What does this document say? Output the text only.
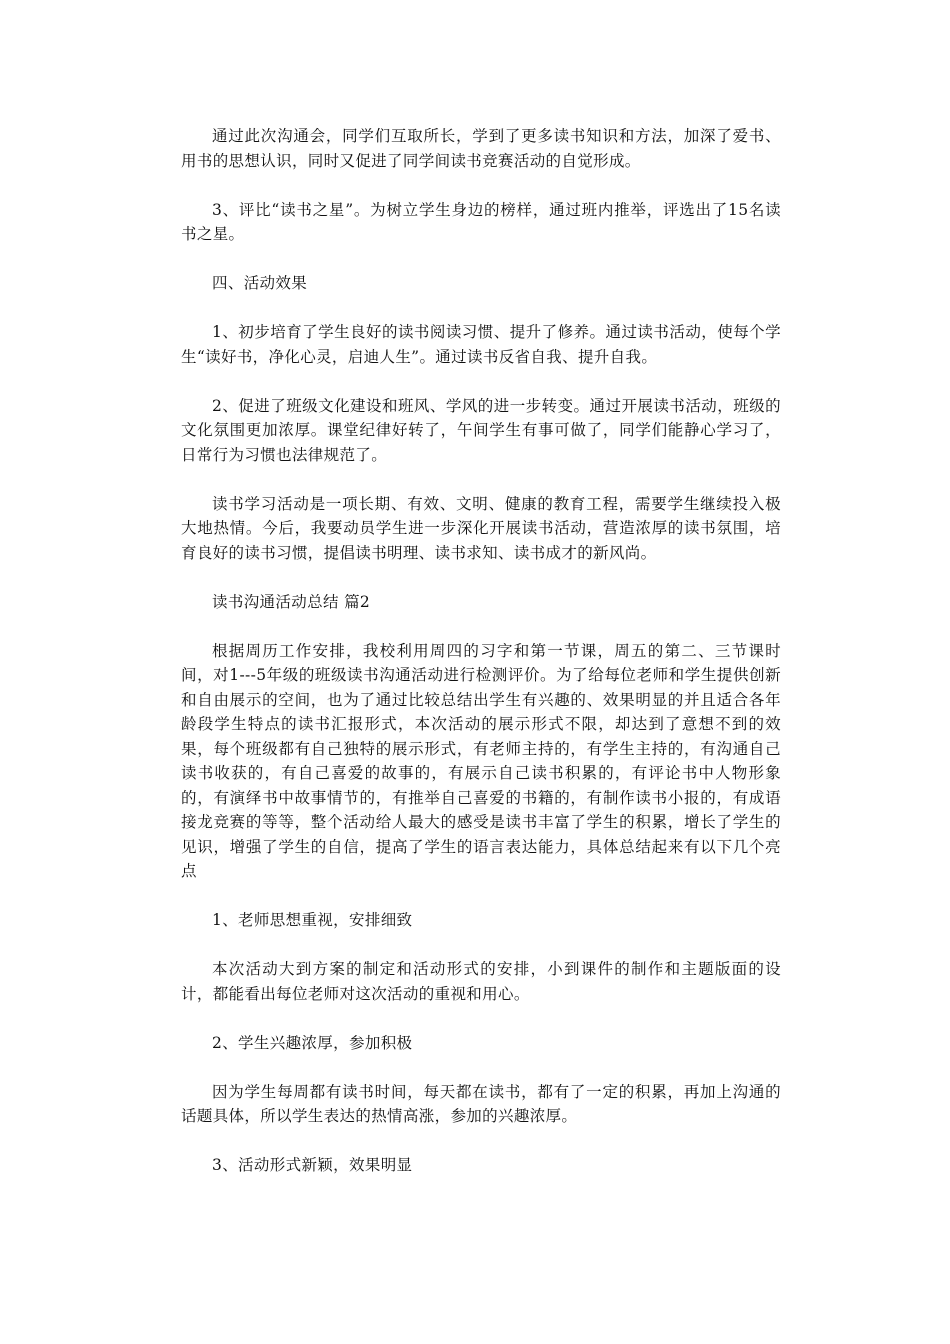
通过此次沟通会，同学们互取所长，学到了更多读书知识和方法，加深了爱书、用书的思想认识，同时又促进了同学间读书竞赛活动的自觉形成。

3、评比“读书之星”。为树立学生身边的榜样，通过班内推举，评选出了15名读书之星。

四、活动效果

1、初步培育了学生良好的读书阅读习惯、提升了修养。通过读书活动，使每个学生“读好书，净化心灵，启迪人生”。通过读书反省自我、提升自我。

2、促进了班级文化建设和班风、学风的进一步转变。通过开展读书活动，班级的文化氛围更加浓厚。课堂纪律好转了，午间学生有事可做了，同学们能静心学习了，日常行为习惯也法律规范了。

读书学习活动是一项长期、有效、文明、健康的教育工程，需要学生继续投入极大地热情。今后，我要动员学生进一步深化开展读书活动，营造浓厚的读书氛围，培育良好的读书习惯，提倡读书明理、读书求知、读书成才的新风尚。

读书沟通活动总结 篇2

根据周历工作安排，我校利用周四的习字和第一节课，周五的第二、三节课时间，对1---5年级的班级读书沟通活动进行检测评价。为了给每位老师和学生提供创新和自由展示的空间，也为了通过比较总结出学生有兴趣的、效果明显的并且适合各年龄段学生特点的读书汇报形式，本次活动的展示形式不限，却达到了意想不到的效果，每个班级都有自己独特的展示形式，有老师主持的，有学生主持的，有沟通自己读书收获的，有自己喜爱的故事的，有展示自己读书积累的，有评论书中人物形象的，有演绎书中故事情节的，有推举自己喜爱的书籍的，有制作读书小报的，有成语接龙竞赛的等等，整个活动给人最大的感受是读书丰富了学生的积累，增长了学生的见识，增强了学生的自信，提高了学生的语言表达能力，具体总结起来有以下几个亮点

1、老师思想重视，安排细致

本次活动大到方案的制定和活动形式的安排，小到课件的制作和主题版面的设计，都能看出每位老师对这次活动的重视和用心。

2、学生兴趣浓厚，参加积极

因为学生每周都有读书时间，每天都在读书，都有了一定的积累，再加上沟通的话题具体，所以学生表达的热情高涨，参加的兴趣浓厚。

3、活动形式新颖，效果明显
